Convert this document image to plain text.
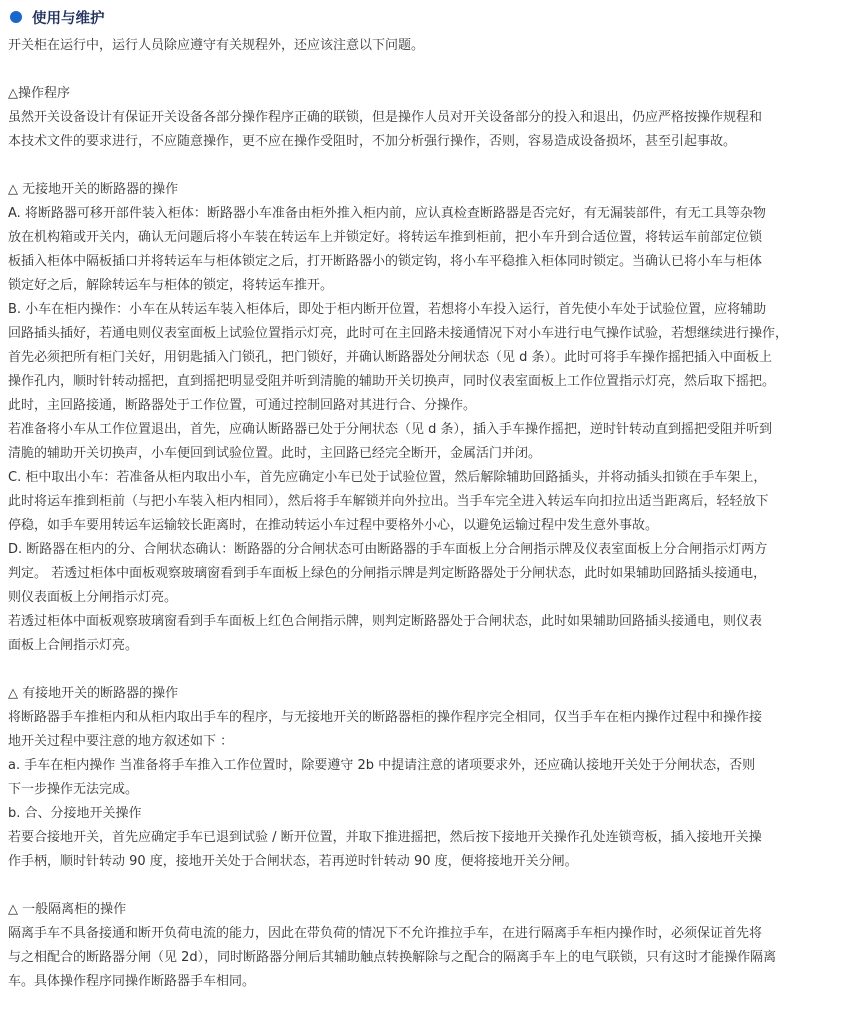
使用与维护
开关柜在运行中，运行人员除应遵守有关规程外，还应该注意以下问题。
△操作程序
虽然开关设备设计有保证开关设备各部分操作程序正确的联锁，但是操作人员对开关设备部分的投入和退出，仍应严格按操作规程和
本技术文件的要求进行，不应随意操作，更不应在操作受阻时，不加分析强行操作，否则，容易造成设备损坏，甚至引起事故。
△ 无接地开关的断路器的操作
A. 将断路器可移开部件装入柜体：断路器小车准备由柜外推入柜内前，应认真检查断路器是否完好，有无漏装部件，有无工具等杂物
放在机构箱或开关内，确认无问题后将小车装在转运车上并锁定好。将转运车推到柜前，把小车升到合适位置，将转运车前部定位锁
板插入柜体中隔板插口并将转运车与柜体锁定之后，打开断路器小的锁定钩，将小车平稳推入柜体同时锁定。当确认已将小车与柜体
锁定好之后，解除转运车与柜体的锁定，将转运车推开。
B. 小车在柜内操作：小车在从转运车装入柜体后，即处于柜内断开位置，若想将小车投入运行，首先使小车处于试验位置，应将辅助
回路插头插好，若通电则仪表室面板上试验位置指示灯亮，此时可在主回路未接通情况下对小车进行电气操作试验，若想继续进行操作，
首先必须把所有柜门关好，用钥匙插入门锁孔，把门锁好，并确认断路器处分闸状态（见 d 条）。此时可将手车操作摇把插入中面板上
操作孔内，顺时针转动摇把，直到摇把明显受阻并听到清脆的辅助开关切换声，同时仪表室面板上工作位置指示灯亮，然后取下摇把。
此时，主回路接通，断路器处于工作位置，可通过控制回路对其进行合、分操作。
若准备将小车从工作位置退出，首先，应确认断路器已处于分闸状态（见 d 条），插入手车操作摇把，逆时针转动直到摇把受阻并听到
清脆的辅助开关切换声，小车便回到试验位置。此时，主回路已经完全断开，金属活门并闭。
C. 柜中取出小车：若准备从柜内取出小车，首先应确定小车已处于试验位置，然后解除辅助回路插头，并将动插头扣锁在手车架上，
此时将运车推到柜前（与把小车装入柜内相同），然后将手车解锁并向外拉出。当手车完全进入转运车向扣拉出适当距离后，轻轻放下
停稳，如手车要用转运车运输较长距离时，在推动转运小车过程中要格外小心，以避免运输过程中发生意外事故。
D. 断路器在柜内的分、合闸状态确认：断路器的分合闸状态可由断路器的手车面板上分合闸指示牌及仪表室面板上分合闸指示灯两方
判定。 若透过柜体中面板观察玻璃窗看到手车面板上绿色的分闸指示牌是判定断路器处于分闸状态，此时如果辅助回路插头接通电，
则仪表面板上分闸指示灯亮。
若透过柜体中面板观察玻璃窗看到手车面板上红色合闸指示牌，则判定断路器处于合闸状态，此时如果辅助回路插头接通电，则仪表
面板上合闸指示灯亮。
△ 有接地开关的断路器的操作
将断路器手车推柜内和从柜内取出手车的程序，与无接地开关的断路器柜的操作程序完全相同，仅当手车在柜内操作过程中和操作接
地开关过程中要注意的地方叙述如下 ：
a. 手车在柜内操作 当准备将手车推入工作位置时，除要遵守 2b 中提请注意的诸项要求外，还应确认接地开关处于分闸状态，否则
下一步操作无法完成。
b. 合、分接地开关操作
若要合接地开关，首先应确定手车已退到试验 / 断开位置，并取下推进摇把，然后按下接地开关操作孔处连锁弯板，插入接地开关操
作手柄，顺时针转动 90 度，接地开关处于合闸状态，若再逆时针转动 90 度，便将接地开关分闸。
△ 一般隔离柜的操作
隔离手车不具备接通和断开负荷电流的能力，因此在带负荷的情况下不允许推拉手车，在进行隔离手车柜内操作时，必须保证首先将
与之相配合的断路器分闸（见 2d），同时断路器分闸后其辅助触点转换解除与之配合的隔离手车上的电气联锁，只有这时才能操作隔离
车。具体操作程序同操作断路器手车相同。
